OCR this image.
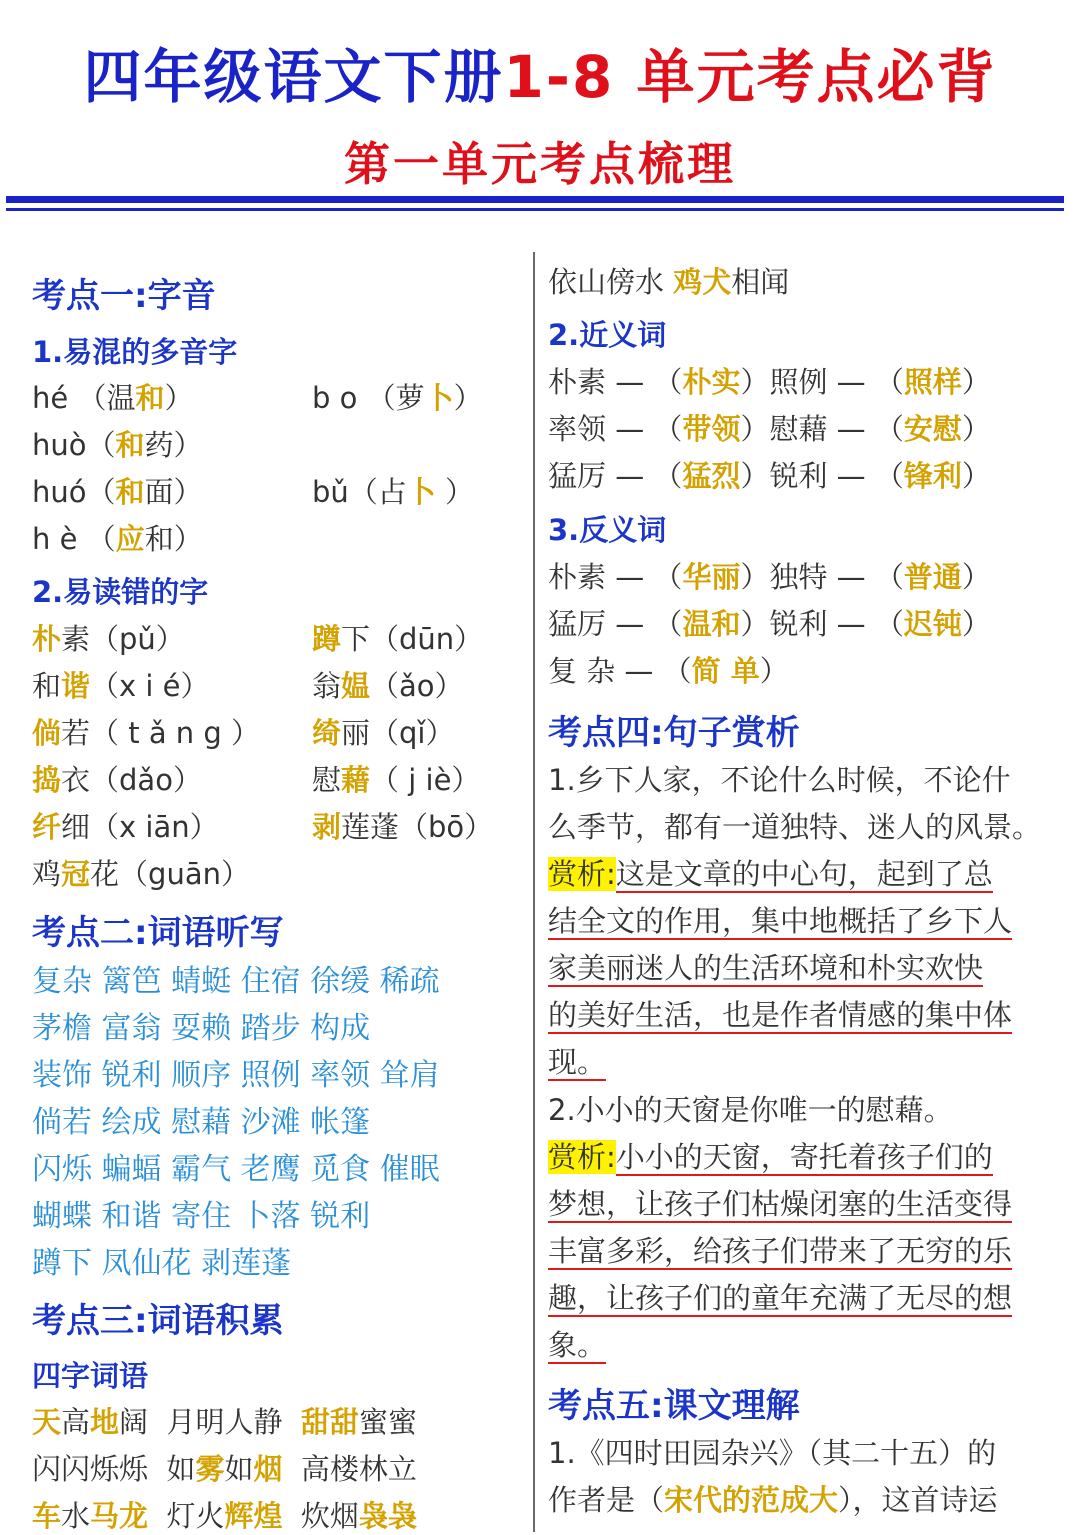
四年级语文下册1-8 单元考点必背
第一单元考点梳理
考点一:字音
1.易混的多音字
hé （温和）
huò（和药）
huó（和面）
h è （应和）
b o （萝卜）
bǔ（占卜 ）
2.易读错的字
朴素（pǔ）
和谐（x i é）
倘若（ t ǎ n g ）
捣衣（dǎo）
纤细（x iān）
鸡冠花（guān）
蹲下（dūn）
翁媪（ǎo）
绮丽（qǐ）
慰藉（ j iè）
剥莲蓬（bō）
考点二:词语听写
复杂 篱笆 蜻蜓 住宿 徐缓 稀疏
茅檐 富翁 耍赖 踏步 构成
装饰 锐利 顺序 照例 率领 耸肩
倘若 绘成 慰藉 沙滩 帐篷
闪烁 蝙蝠 霸气 老鹰 觅食 催眠
蝴蝶 和谐 寄住 卜落 锐利
蹲下 凤仙花 剥莲蓬
考点三:词语积累
四字词语
天高地阔  月明人静  甜甜蜜蜜
闪闪烁烁  如雾如烟  高楼林立
车水马龙  灯火辉煌  炊烟袅袅
依山傍水 鸡犬相闻
2.近义词
朴素 — （朴实）照例 — （照样）
率领 — （带领）慰藉 — （安慰）
猛厉 — （猛烈）锐利 — （锋利）
3.反义词
朴素 — （华丽）独特 — （普通）
猛厉 — （温和）锐利 — （迟钝）
复 杂 — （简 单）
考点四:句子赏析
1.乡下人家，不论什么时候，不论什
么季节，都有一道独特、迷人的风景。
赏析:这是文章的中心句，起到了总
结全文的作用，集中地概括了乡下人
家美丽迷人的生活环境和朴实欢快
的美好生活，也是作者情感的集中体
现。
2.小小的天窗是你唯一的慰藉。
赏析:小小的天窗，寄托着孩子们的
梦想，让孩子们枯燥闭塞的生活变得
丰富多彩，给孩子们带来了无穷的乐
趣，让孩子们的童年充满了无尽的想
象。
考点五:课文理解
1.《四时田园杂兴》（其二十五）的
作者是（宋代的范成大），这首诗运
